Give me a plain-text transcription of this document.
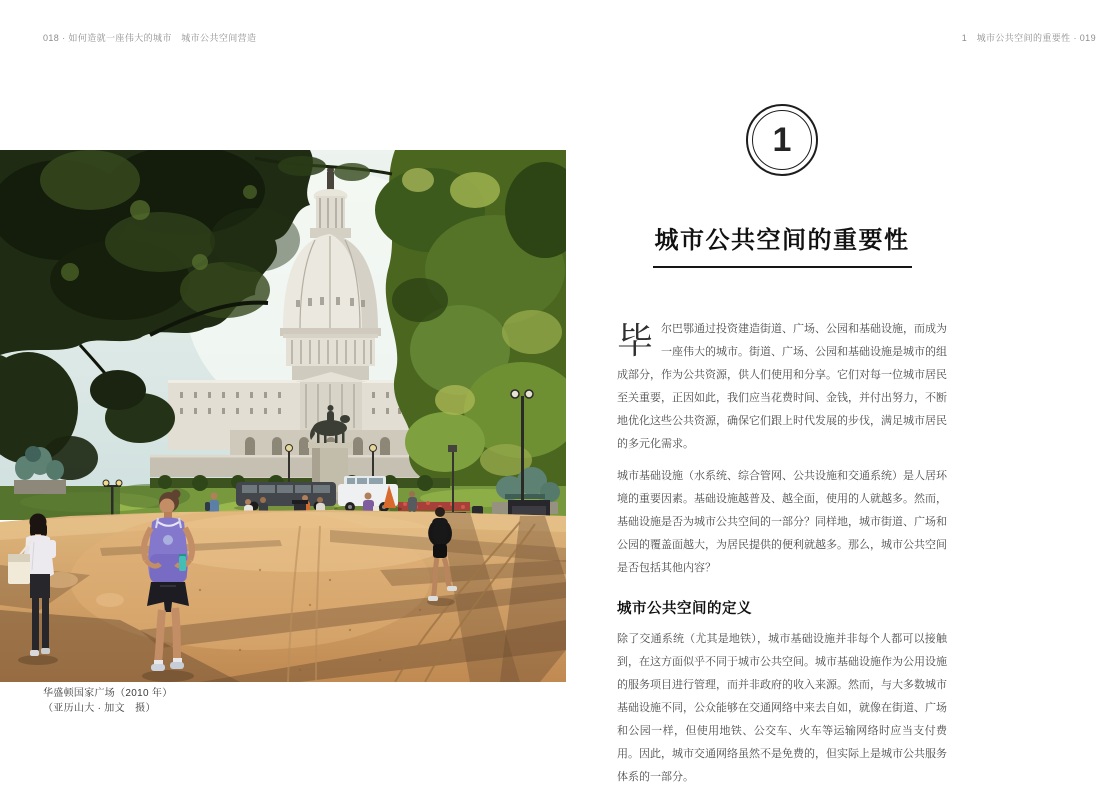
018 · 如何造就一座伟大的城市　城市公共空间营造	1　城市公共空间的重要性 · 019
华盛顿国家广场（2010 年）
（亚历山大 · 加文　摄）
1
城市公共空间的重要性

毕尔巴鄂通过投资建造街道、广场、公园和基础设施，而成为一座伟大的城市。街道、广场、公园和基础设施是城市的组成部分，作为公共资源，供人们使用和分享。它们对每一位城市居民至关重要，正因如此，我们应当花费时间、金钱，并付出努力，不断地优化这些公共资源，确保它们跟上时代发展的步伐，满足城市居民的多元化需求。

城市基础设施（水系统、综合管网、公共设施和交通系统）是人居环境的重要因素。基础设施越普及、越全面，使用的人就越多。然而，基础设施是否为城市公共空间的一部分？同样地，城市街道、广场和公园的覆盖面越大，为居民提供的便利就越多。那么，城市公共空间是否包括其他内容？

城市公共空间的定义

除了交通系统（尤其是地铁），城市基础设施并非每个人都可以接触到，在这方面似乎不同于城市公共空间。城市基础设施作为公用设施的服务项目进行管理，而并非政府的收入来源。然而，与大多数城市基础设施不同，公众能够在交通网络中来去自如，就像在街道、广场和公园一样，但使用地铁、公交车、火车等运输网络时应当支付费用。因此，城市交通网络虽然不是免费的，但实际上是城市公共服务体系的一部分。
